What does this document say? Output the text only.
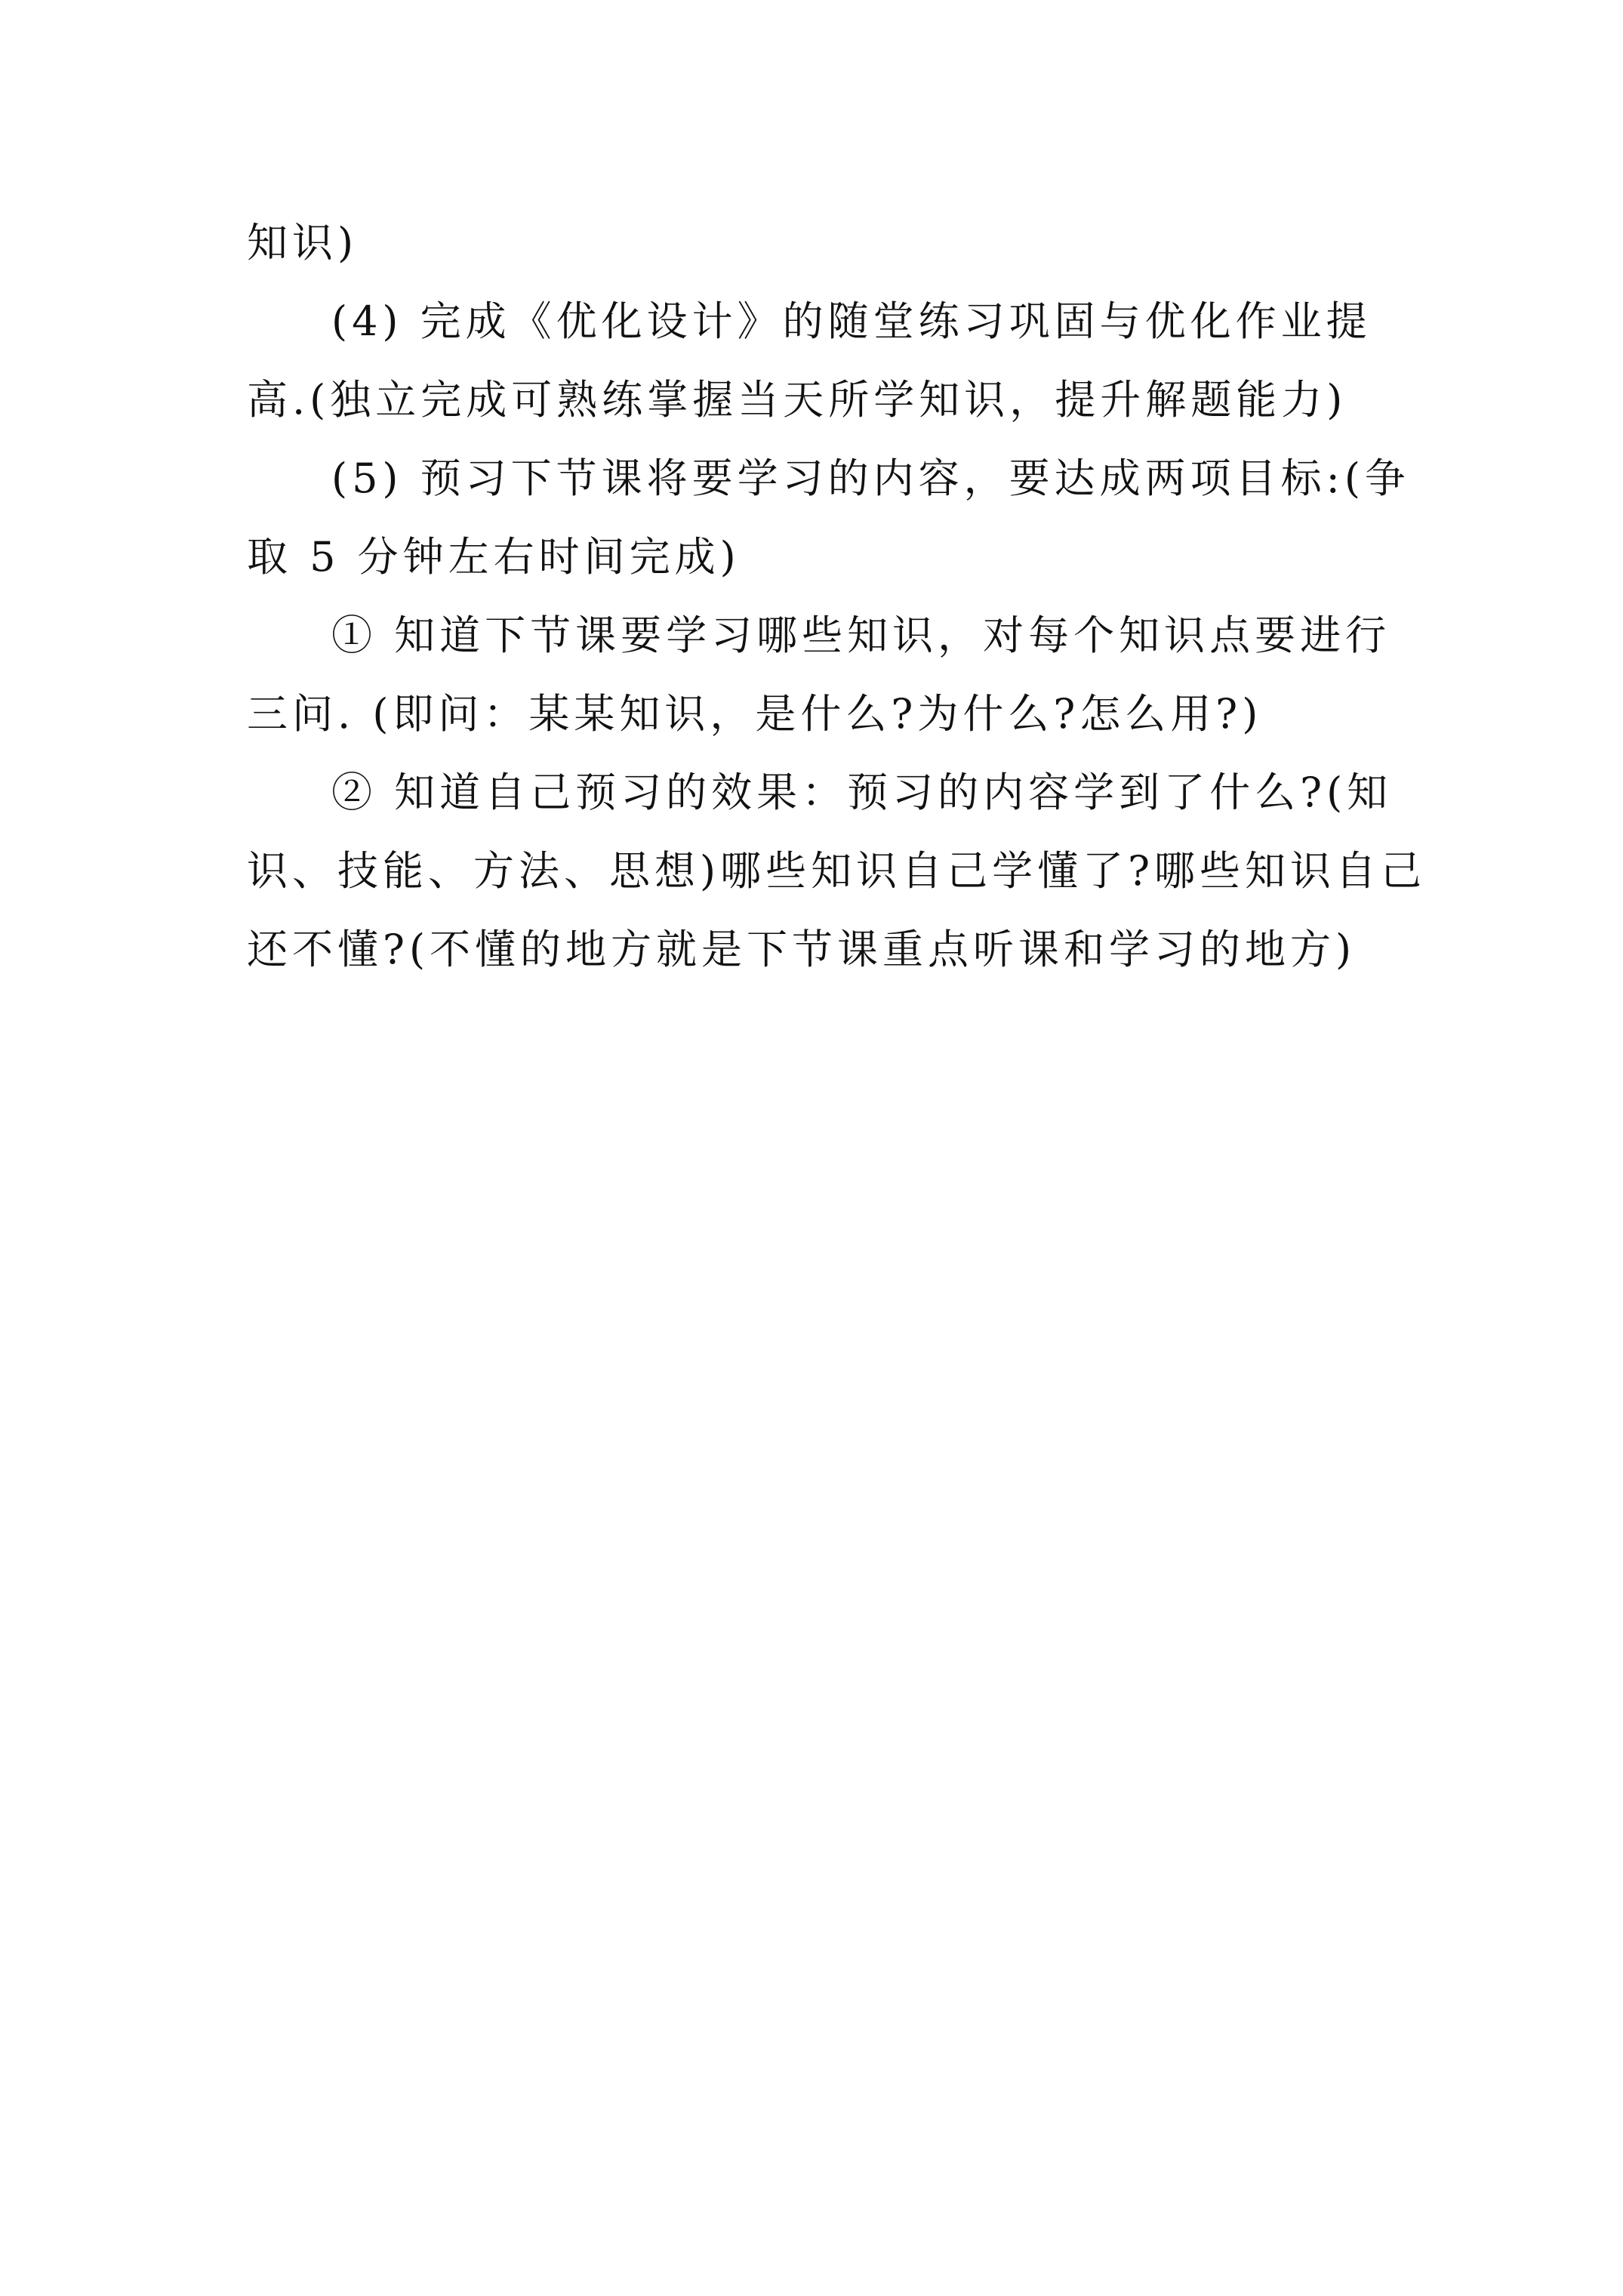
知识)

(4) 完成《优化设计》的随堂练习巩固与优化作业提

高.(独立完成可熟练掌握当天所学知识，提升解题能力)

(5) 预习下节课将要学习的内容，要达成两项目标:(争

取 5 分钟左右时间完成)

① 知道下节课要学习哪些知识，对每个知识点要进行

三问. (即问：某某知识，是什么?为什么?怎么用?)

② 知道自己预习的效果：预习的内容学到了什么?(知

识、技能、方法、思想)哪些知识自己学懂了?哪些知识自己

还不懂?(不懂的地方就是下节课重点听课和学习的地方)
